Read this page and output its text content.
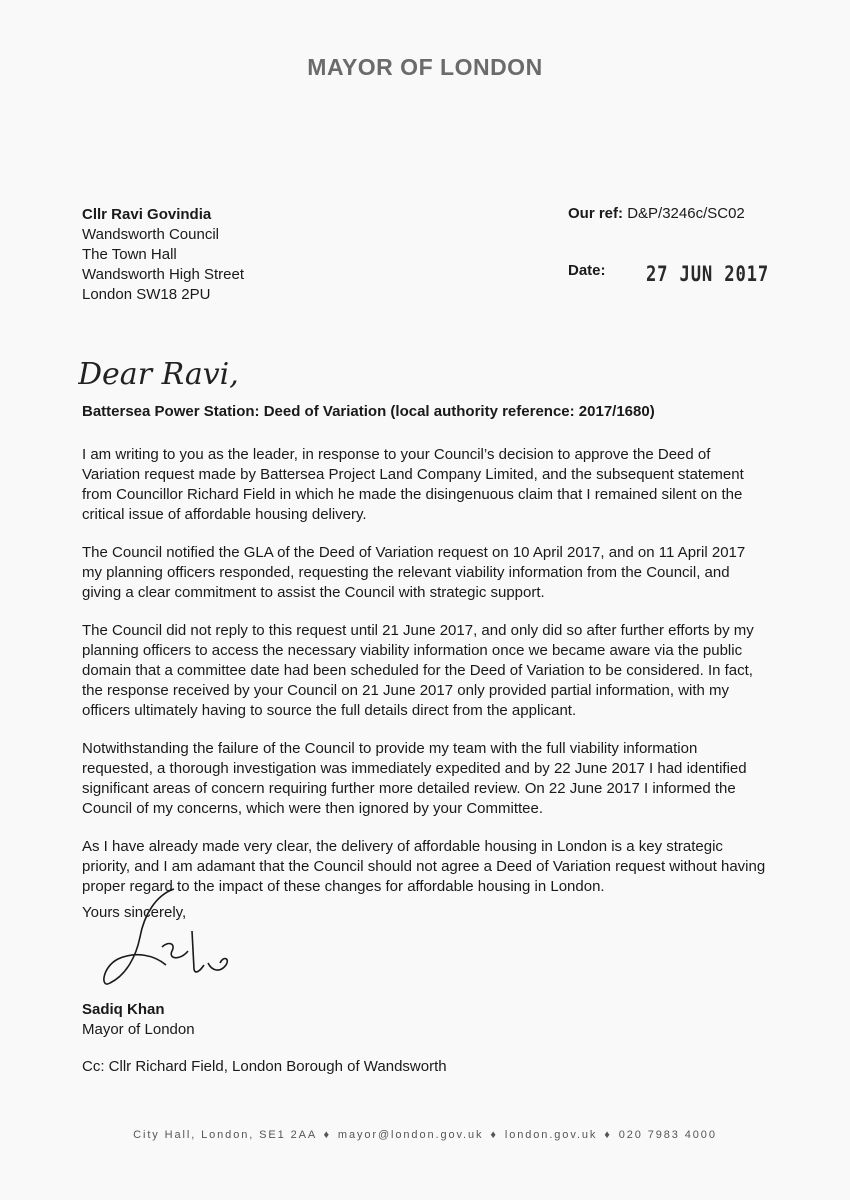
MAYOR OF LONDON
Cllr Ravi Govindia
Wandsworth Council
The Town Hall
Wandsworth High Street
London SW18 2PU
Our ref: D&P/3246c/SC02
Date: 27 JUN 2017
Dear Ravi,
Battersea Power Station: Deed of Variation (local authority reference: 2017/1680)

I am writing to you as the leader, in response to your Council’s decision to approve the Deed of Variation request made by Battersea Project Land Company Limited, and the subsequent statement from Councillor Richard Field in which he made the disingenuous claim that I remained silent on the critical issue of affordable housing delivery.

The Council notified the GLA of the Deed of Variation request on 10 April 2017, and on 11 April 2017 my planning officers responded, requesting the relevant viability information from the Council, and giving a clear commitment to assist the Council with strategic support.

The Council did not reply to this request until 21 June 2017, and only did so after further efforts by my planning officers to access the necessary viability information once we became aware via the public domain that a committee date had been scheduled for the Deed of Variation to be considered. In fact, the response received by your Council on 21 June 2017 only provided partial information, with my officers ultimately having to source the full details direct from the applicant.

Notwithstanding the failure of the Council to provide my team with the full viability information requested, a thorough investigation was immediately expedited and by 22 June 2017 I had identified significant areas of concern requiring further more detailed review. On 22 June 2017 I informed the Council of my concerns, which were then ignored by your Committee.

As I have already made very clear, the delivery of affordable housing in London is a key strategic priority, and I am adamant that the Council should not agree a Deed of Variation request without having proper regard to the impact of these changes for affordable housing in London.

Yours sincerely,
Sadiq Khan
Mayor of London
Cc: Cllr Richard Field, London Borough of Wandsworth
City Hall, London, SE1 2AA ♦ mayor@london.gov.uk ♦ london.gov.uk ♦ 020 7983 4000
